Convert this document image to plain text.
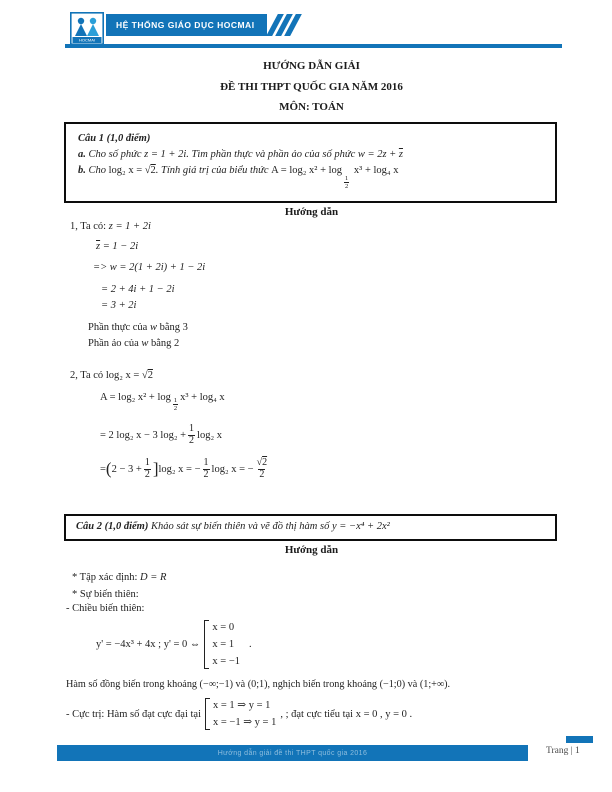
HOCMAI
HỆ THỐNG GIÁO DỤC HOCMAI
HƯỚNG DẪN GIẢI
ĐỀ THI THPT QUỐC GIA NĂM 2016
MÔN: TOÁN
Câu 1 (1,0 điểm)
a. Cho số phức z = 1 + 2i. Tìm phần thực và phần ảo của số phức $w = 2z + \overline{z}$
b. Cho log₂ x = √2. Tính giá trị của biểu thức A = log₂ x² + log
$\frac{1}{2}$
x³ + log₄ x
Hướng dẫn
1, Ta có: z = 1 + 2i
$\overline{z} = 1 - 2i$
=> w = 2(1 + 2i) + 1 − 2i
= 2 + 4i + 1 − 2i
= 3 + 2i
Phần thực của w bằng 3
Phần ảo của w bằng 2
2, Ta có log₂ x = √2
A = log₂ $x^2 + \log \frac{1}{2} x^3 + \log_4$ x
= 2 log₂ x − 3 $\log_2 + \frac{1}{2} \log_2$ x
= ( $2 - 3 + \frac{1}{2}$ ] log₂ x = − $\frac{1}{2} \log_2$ x = − $\frac{√2}{2}$
Câu 2 (1,0 điểm) Khảo sát sự biến thiên và vẽ đồ thị hàm số y = −x⁴ + 2x²
Hướng dẫn
* Tập xác định: D = R
* Sự biến thiên:
- Chiều biến thiên:
y' = −4x³ + 4x ; y' = 0 ⇔
x = 0
x = 1
x = −1
.
Hàm số đồng biến trong khoảng (−∞;−1) và (0;1), nghịch biến trong khoảng (−1;0) và (1;+∞).
- Cực trị: Hàm số đạt cực đại tại
x = 1 ⇒ y = 1
x = −1 ⇒ y = 1
, ; đạt cực tiểu tại x = 0 , y = 0 .
Hướng dẫn giải đề thi THPT quốc gia 2016	Trang | 1
